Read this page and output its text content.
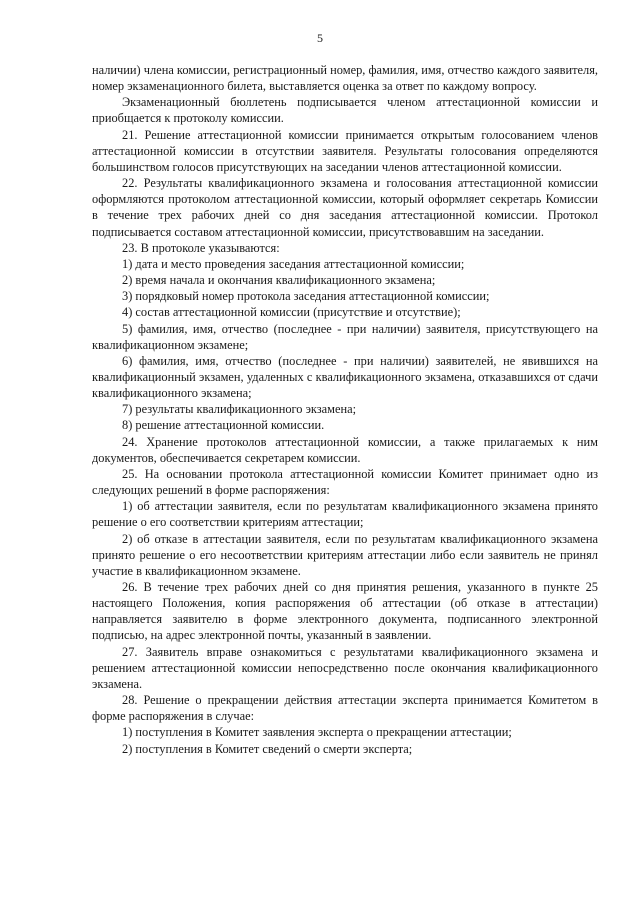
5

наличии) члена комиссии, регистрационный номер, фамилия, имя, отчество каждого заявителя, номер экзаменационного билета, выставляется оценка за ответ по каждому вопросу.

Экзаменационный бюллетень подписывается членом аттестационной комиссии и приобщается к протоколу комиссии.

21. Решение аттестационной комиссии принимается открытым голосованием членов аттестационной комиссии в отсутствии заявителя. Результаты голосования определяются большинством голосов присутствующих на заседании членов аттестационной комиссии.

22. Результаты квалификационного экзамена и голосования аттестационной комиссии оформляются протоколом аттестационной комиссии, который оформляет секретарь Комиссии в течение трех рабочих дней со дня заседания аттестационной комиссии. Протокол подписывается составом аттестационной комиссии, присутствовавшим на заседании.

23. В протоколе указываются:

1) дата и место проведения заседания аттестационной комиссии;

2) время начала и окончания квалификационного экзамена;

3) порядковый номер протокола заседания аттестационной комиссии;

4) состав аттестационной комиссии (присутствие и отсутствие);

5) фамилия, имя, отчество (последнее - при наличии) заявителя, присутствующего на квалификационном экзамене;

6) фамилия, имя, отчество (последнее - при наличии) заявителей, не явившихся на квалификационный экзамен, удаленных с квалификационного экзамена, отказавшихся от сдачи квалификационного экзамена;

7) результаты квалификационного экзамена;

8) решение аттестационной комиссии.

24. Хранение протоколов аттестационной комиссии, а также прилагаемых к ним документов, обеспечивается секретарем комиссии.

25. На основании протокола аттестационной комиссии Комитет принимает одно из следующих решений в форме распоряжения:

1) об аттестации заявителя, если по результатам квалификационного экзамена принято решение о его соответствии критериям аттестации;

2) об отказе в аттестации заявителя, если по результатам квалификационного экзамена принято решение о его несоответствии критериям аттестации либо если заявитель не принял участие в квалификационном экзамене.

26. В течение трех рабочих дней со дня принятия решения, указанного в пункте 25 настоящего Положения, копия распоряжения об аттестации (об отказе в аттестации) направляется заявителю в форме электронного документа, подписанного электронной подписью, на адрес электронной почты, указанный в заявлении.

27. Заявитель вправе ознакомиться с результатами квалификационного экзамена и решением аттестационной комиссии непосредственно после окончания квалификационного экзамена.

28. Решение о прекращении действия аттестации эксперта принимается Комитетом в форме распоряжения в случае:

1) поступления в Комитет заявления эксперта о прекращении аттестации;

2) поступления в Комитет сведений о смерти эксперта;
